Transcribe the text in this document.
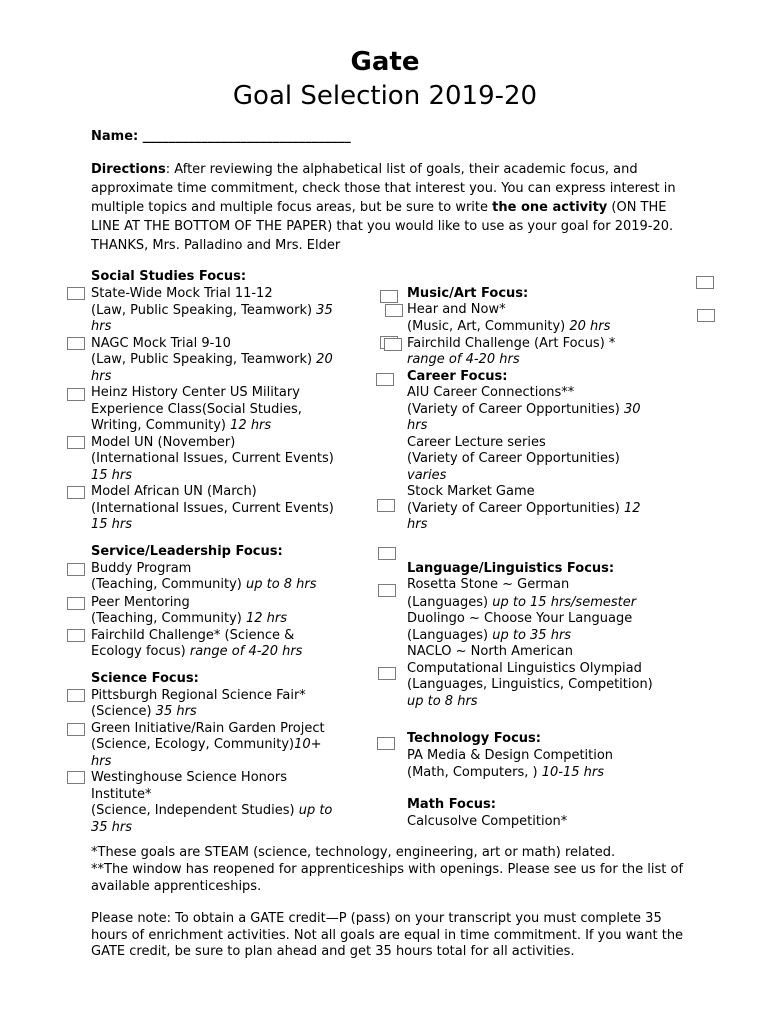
Gate
Goal Selection 2019-20
Name: ________________________________
Directions: After reviewing the alphabetical list of goals, their academic focus, and approximate time commitment, check those that interest you. You can express interest in multiple topics and multiple focus areas, but be sure to write the one activity (ON THE LINE AT THE BOTTOM OF THE PAPER) that you would like to use as your goal for 2019-20. THANKS, Mrs. Palladino and Mrs. Elder
Social Studies Focus:
State-Wide Mock Trial 11-12
(Law, Public Speaking, Teamwork) 35
hrs
NAGC Mock Trial 9-10
(Law, Public Speaking, Teamwork) 20
hrs
Heinz History Center US Military
Experience Class(Social Studies,
Writing, Community) 12 hrs
Model UN (November)
(International Issues, Current Events)
15 hrs
Model African UN (March)
(International Issues, Current Events)
15 hrs
Service/Leadership Focus:
Buddy Program
(Teaching, Community) up to 8 hrs
Peer Mentoring
(Teaching, Community) 12 hrs
Fairchild Challenge* (Science &
Ecology focus) range of 4-20 hrs
Science Focus:
Pittsburgh Regional Science Fair*
(Science) 35 hrs
Green Initiative/Rain Garden Project
(Science, Ecology, Community)10+
hrs
Westinghouse Science Honors
Institute*
(Science, Independent Studies) up to
35 hrs
Music/Art Focus:
Hear and Now*
(Music, Art, Community) 20 hrs
Fairchild Challenge (Art Focus) *
range of 4-20 hrs
Career Focus:
AIU Career Connections**
(Variety of Career Opportunities) 30
hrs
Career Lecture series
(Variety of Career Opportunities)
varies
Stock Market Game
(Variety of Career Opportunities) 12
hrs
Language/Linguistics Focus:
Rosetta Stone ~ German
(Languages) up to 15 hrs/semester
Duolingo ~ Choose Your Language
(Languages) up to 35 hrs
NACLO ~ North American
Computational Linguistics Olympiad
(Languages, Linguistics, Competition)
up to 8 hrs
Technology Focus:
PA Media & Design Competition
(Math, Computers, ) 10-15 hrs
Math Focus:
Calcusolve Competition*
*These goals are STEAM (science, technology, engineering, art or math) related.
**The window has reopened for apprenticeships with openings. Please see us for the list of available apprenticeships.
Please note: To obtain a GATE credit—P (pass) on your transcript you must complete 35 hours of enrichment activities. Not all goals are equal in time commitment. If you want the GATE credit, be sure to plan ahead and get 35 hours total for all activities.
